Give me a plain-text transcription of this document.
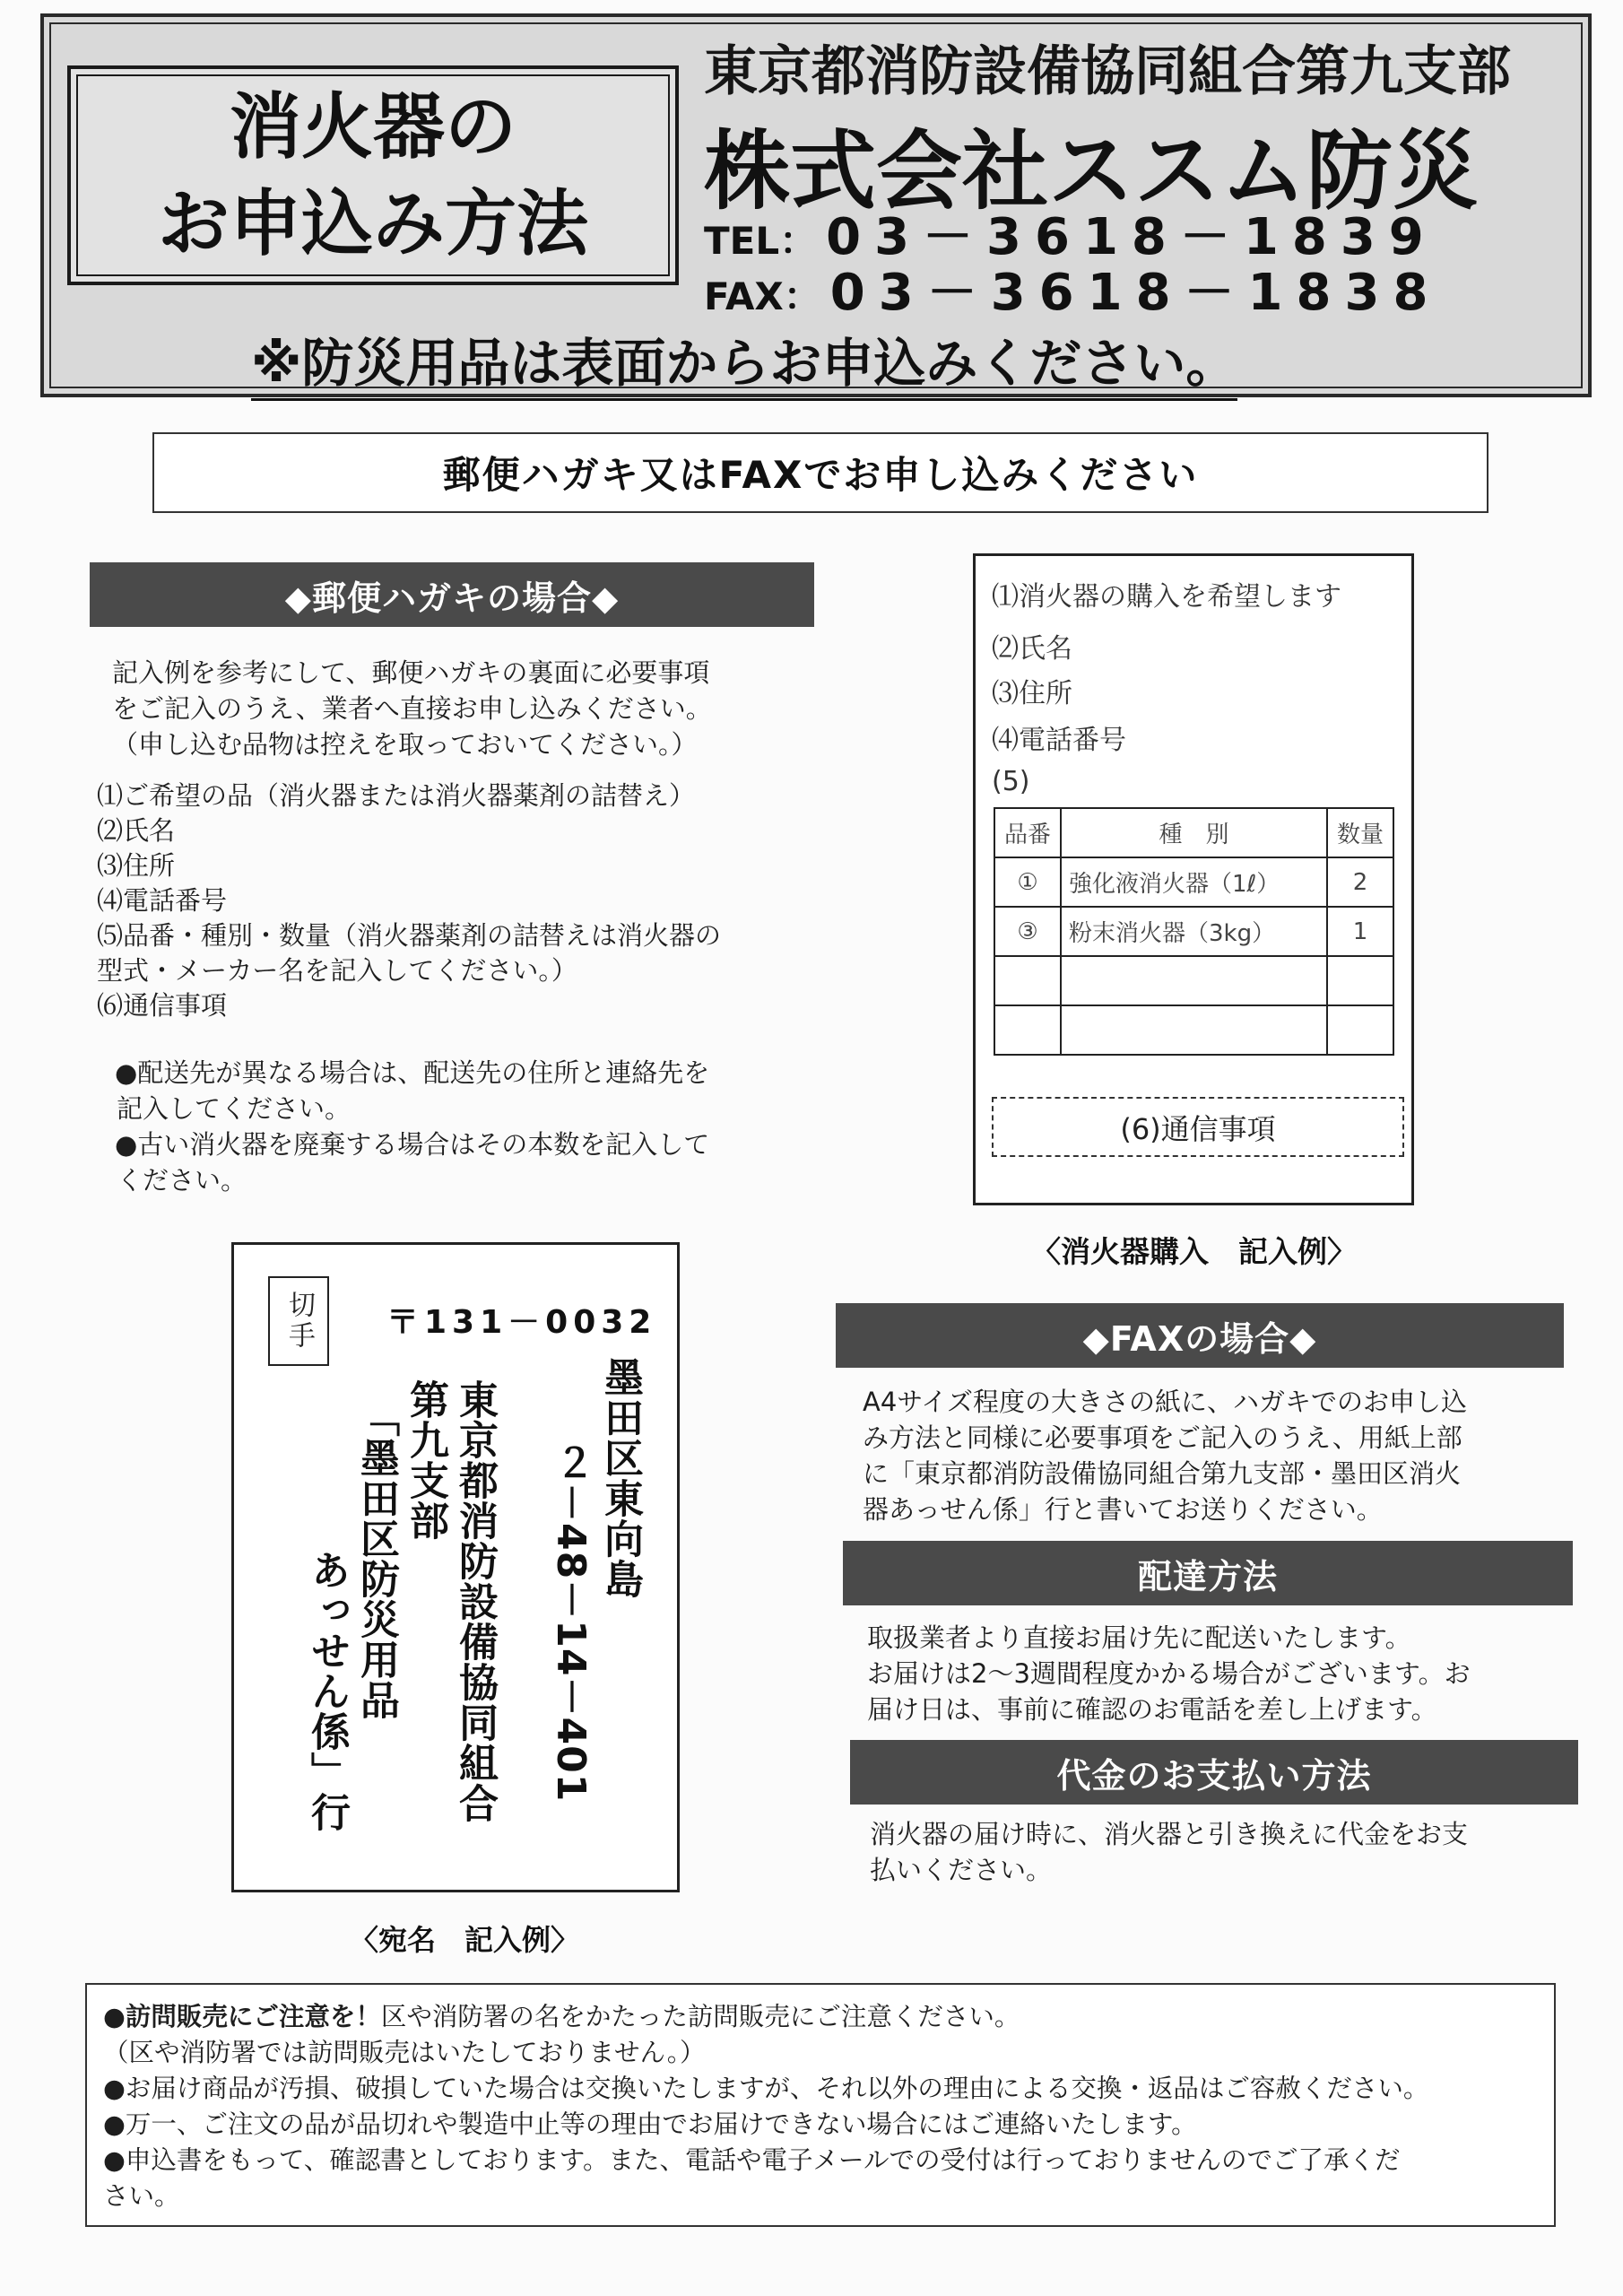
消火器の
お申込み方法
東京都消防設備協同組合第九支部
株式会社ススム防災
TEL： 03－3618－1839
FAX： 03－3618－1838
※防災用品は表面からお申込みください。
郵便ハガキ又はFAXでお申し込みください
◆郵便ハガキの場合◆
記入例を参考にして、郵便ハガキの裏面に必要事項
をご記入のうえ、業者へ直接お申し込みください。
（申し込む品物は控えを取っておいてください。）
⑴ご希望の品（消火器または消火器薬剤の詰替え）
⑵氏名
⑶住所
⑷電話番号
⑸品番・種別・数量（消火器薬剤の詰替えは消火器の
型式・メーカー名を記入してください。）
⑹通信事項
●配送先が異なる場合は、配送先の住所と連絡先を
記入してください。
●古い消火器を廃棄する場合はその本数を記入して
ください。
⑴消火器の購入を希望します
⑵氏名
⑶住所
⑷電話番号
(5)
品番	種　別	数量
①	強化液消火器（1ℓ）	2
③	粉末消火器（3kg）	1

(6)通信事項
〈消火器購入　記入例〉
切手	〒131－0032
墨田区東向島
２－48－14－401
東京都消防設備協同組合
第九支部
「墨田区防災用品
あっせん係」行
〈宛名　記入例〉
◆FAXの場合◆
A4サイズ程度の大きさの紙に、ハガキでのお申し込
み方法と同様に必要事項をご記入のうえ、用紙上部
に「東京都消防設備協同組合第九支部・墨田区消火
器あっせん係」行と書いてお送りください。
配達方法
取扱業者より直接お届け先に配送いたします。
お届けは2〜3週間程度かかる場合がございます。お
届け日は、事前に確認のお電話を差し上げます。
代金のお支払い方法
消火器の届け時に、消火器と引き換えに代金をお支
払いください。
●訪問販売にご注意を！区や消防署の名をかたった訪問販売にご注意ください。
（区や消防署では訪問販売はいたしておりません。）
●お届け商品が汚損、破損していた場合は交換いたしますが、それ以外の理由による交換・返品はご容赦ください。
●万一、ご注文の品が品切れや製造中止等の理由でお届けできない場合にはご連絡いたします。
●申込書をもって、確認書としております。また、電話や電子メールでの受付は行っておりませんのでご了承くだ
さい。
